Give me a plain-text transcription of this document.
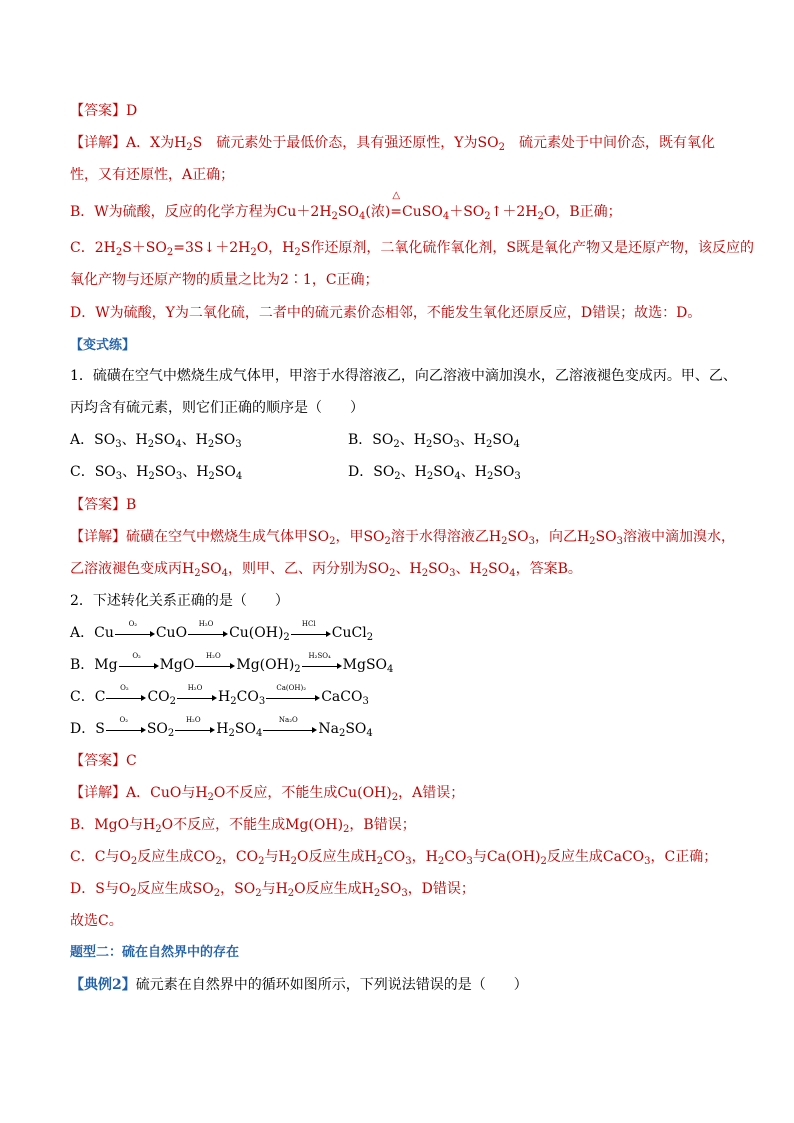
【答案】D
【详解】A．X为$H_2S$　硫元素处于最低价态，具有强还原性，Y为$SO_2$　硫元素处于中间价态，既有氧化
性，又有还原性，A正确；
B．W为硫酸，反应的化学方程为$Cu+2H_2SO_4$(浓)
△
$=CuSO_4+SO_2↑+2H_2O$，B正确；
C．$2H_2S+SO_2=3S↓+2H_2O$，$H_2S$作还原剂，二氧化硫作氧化剂，S既是氧化产物又是还原产物，该反应的
氧化产物与还原产物的质量之比为2∶1，C正确；
D．W为硫酸，Y为二氧化硫，二者中的硫元素价态相邻，不能发生氧化还原反应，D错误；故选：D。
【变式练】
1．硫磺在空气中燃烧生成气体甲，甲溶于水得溶液乙，向乙溶液中滴加溴水，乙溶液褪色变成丙。甲、乙、
丙均含有硫元素，则它们正确的顺序是（　　）
A．$SO_3$、$H_2SO_4$、$H_2SO_3$	B．$SO_2$、$H_2SO_3$、$H_2SO_4$
C．$SO_3$、$H_2SO_3$、$H_2SO_4$	D．$SO_2$、$H_2SO_4$、$H_2SO_3$
【答案】B
【详解】硫磺在空气中燃烧生成气体甲$SO_2$，甲$SO_2$溶于水得溶液乙$H_2SO_3$，向乙$H_2SO_3$溶液中滴加溴水，
乙溶液褪色变成丙$H_2SO_4$，则甲、乙、丙分别为$SO_2$、$H_2SO_3$、$H_2SO_4$，答案B。
2．下述转化关系正确的是（　　）
A．Cu
O₂
CuO
H₂O
$Cu(OH)_2$
HCl
CuCl$_2$
B．Mg
O₂
MgO
H₂O
$Mg(OH)_2$
H₂SO₄
MgSO$_4$
C．C
O₂
$CO_2$
H₂O
$H_2CO_3$
Ca(OH)₂
CaCO$_3$
D．S
O₂
$SO_2$
H₂O
$H_2SO_4$
Na₂O
$Na_2SO_4$
【答案】C
【详解】A．CuO与$H_2O$不反应，不能生成$Cu(OH)_2$，A错误；
B．MgO与$H_2O$不反应，不能生成$Mg(OH)_2$，B错误；
C．C与$O_2$反应生成$CO_2$，$CO_2$与$H_2O$反应生成$H_2CO_3$，$H_2CO_3$与$Ca(OH)_2$反应生成CaCO$_3$，C正确；
D．S与$O_2$反应生成$SO_2$，$SO_2$与$H_2O$反应生成$H_2SO_3$，D错误；
故选C。
题型二：硫在自然界中的存在
【典例2】硫元素在自然界中的循环如图所示，下列说法错误的是（　　）
